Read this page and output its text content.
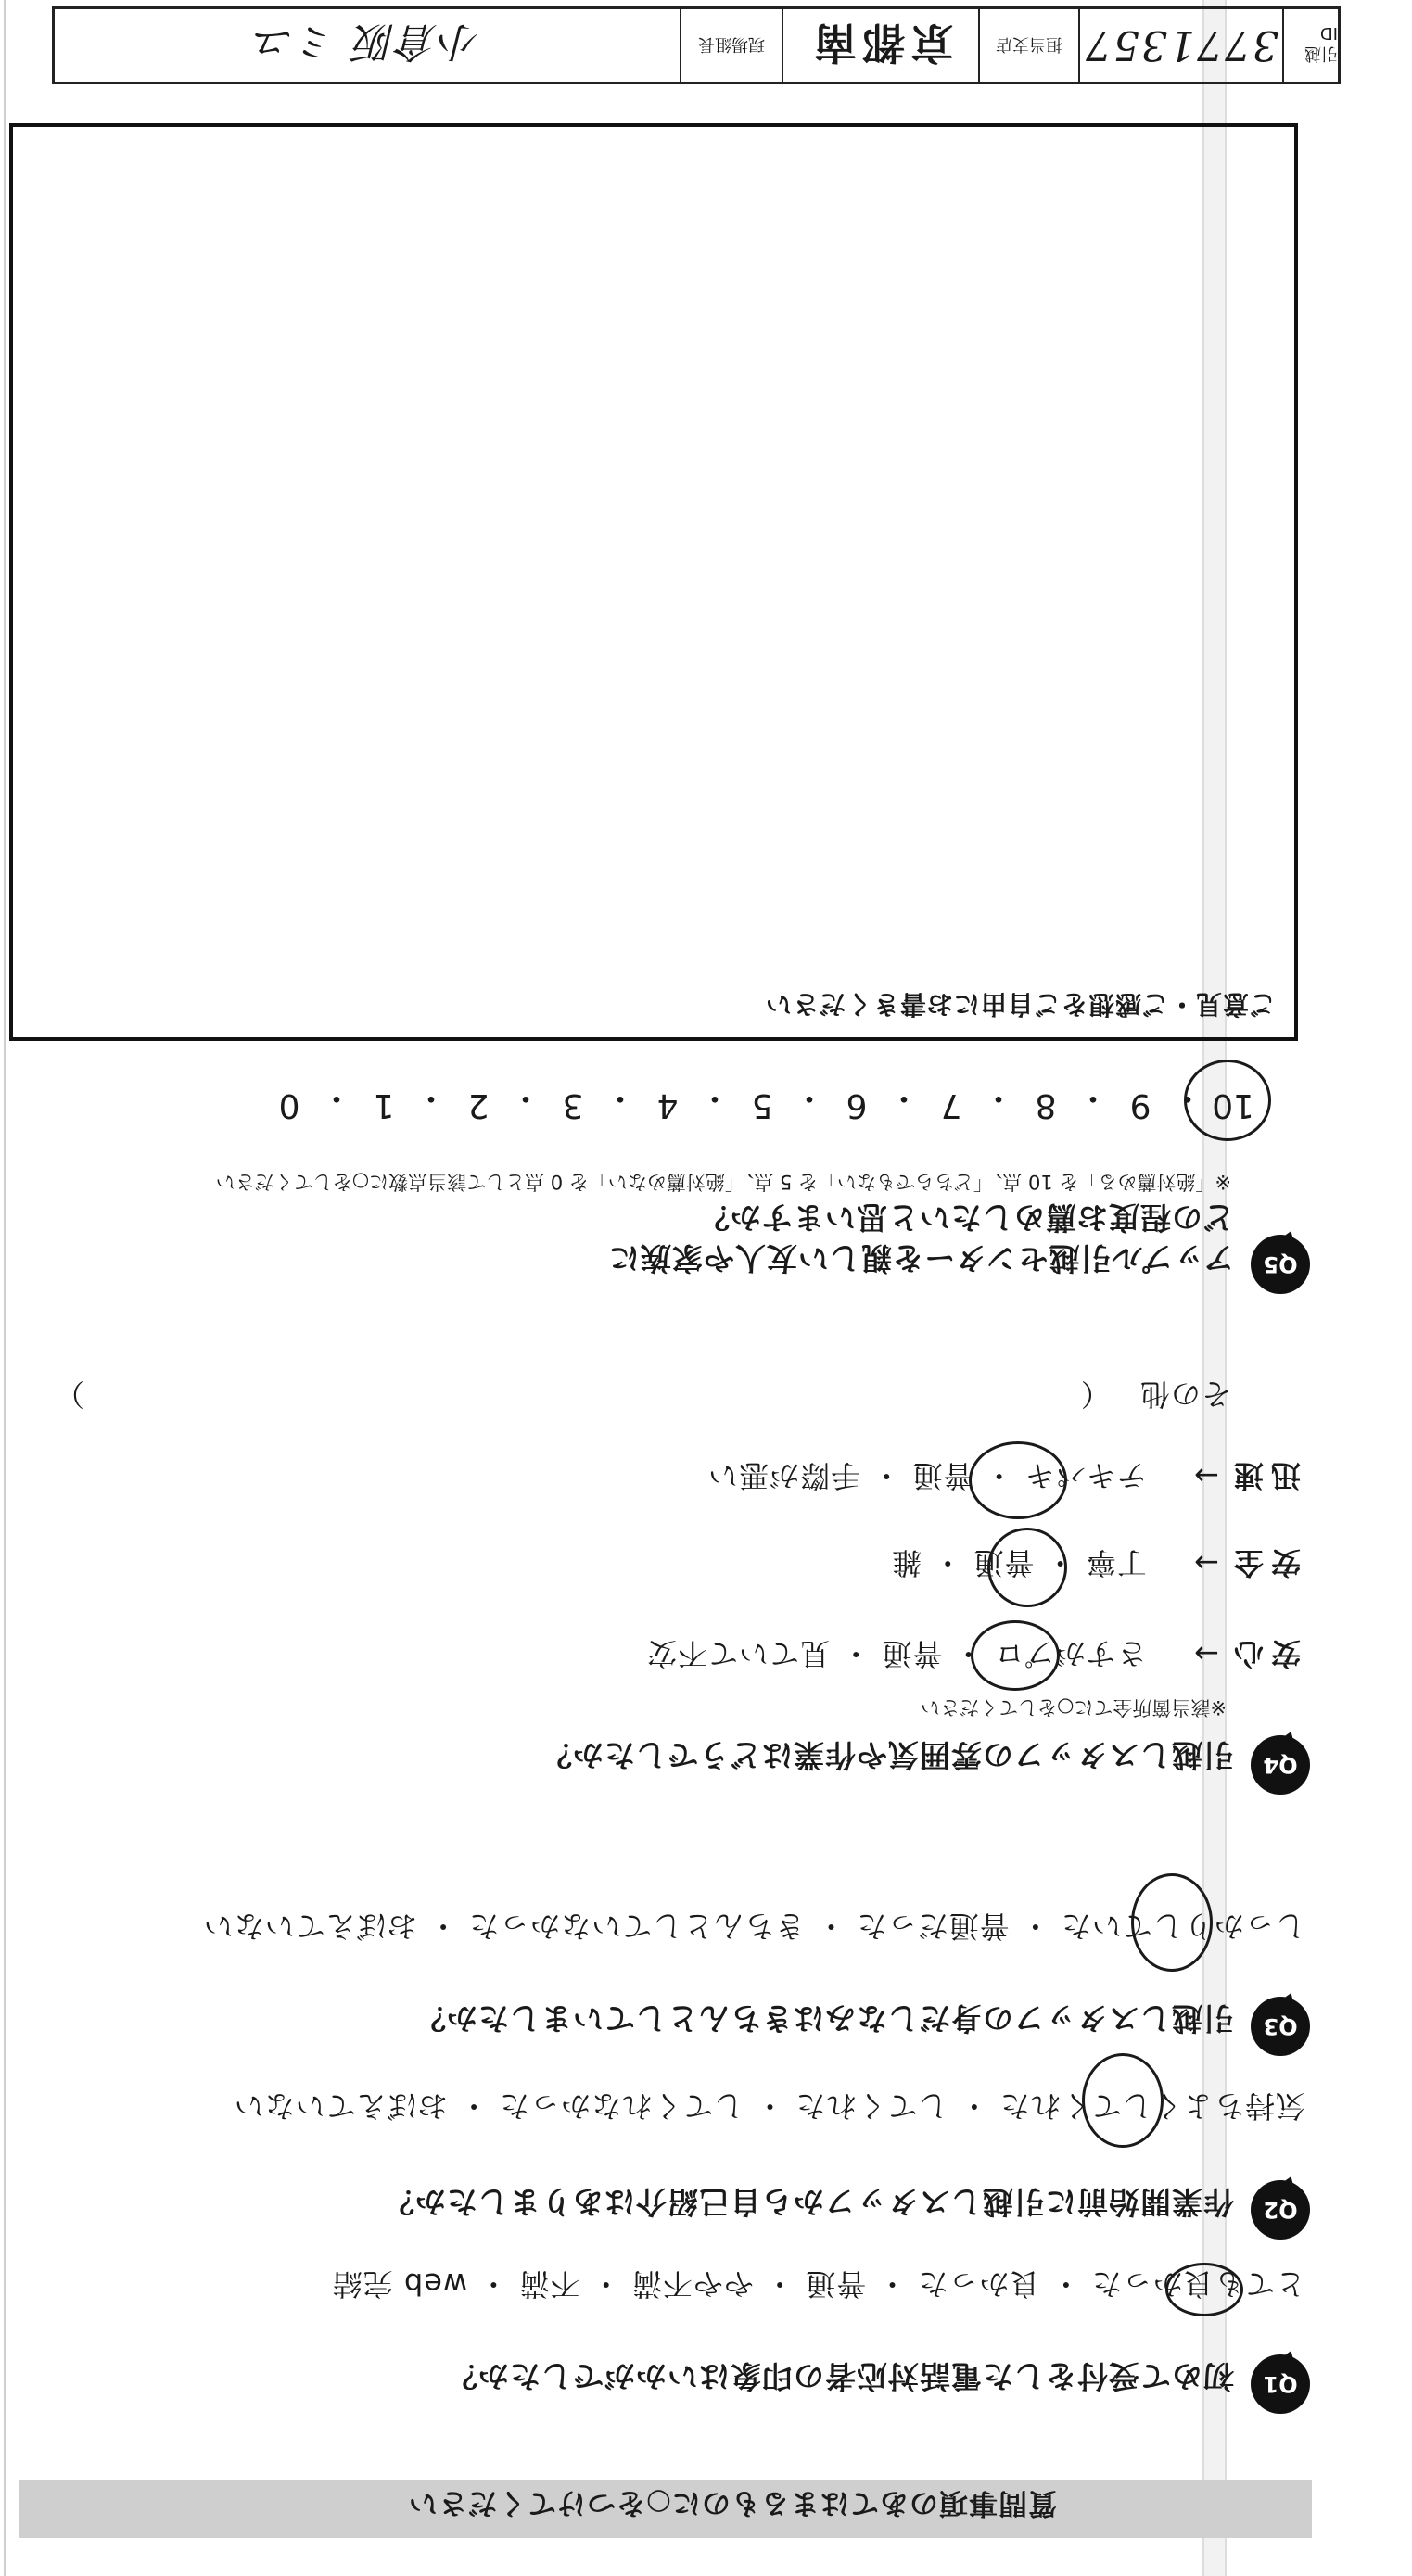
質問事項のあてはまるものに○をつけてください
Q1
初めて受付をした電話対応者の印象はいかがでしたか？
とても良かった ・ 良かった ・ 普通 ・ やや不満 ・ 不満 ・ web 完結
Q2
作業開始前に引越しスタッフから自己紹介はありましたか？
気持ちよくしてくれた ・ してくれた ・ してくれなかった ・ おぼえていない
Q3
引越しスタッフの身だしなみはきちんとしていましたか？
しっかりしていた ・ 普通だった ・ きちんとしていなかった ・ おぼえていない
Q4
引越しスタッフの雰囲気や作業はどうでしたか？
※該当箇所全てに○をしてください
安心
→  さすがプロ ・ 普通 ・ 見ていて不安
安全
→  丁寧 ・ 普通 ・ 雑
迅速
→  テキパキ ・ 普通 ・ 手際が悪い
その他 （
）
Q5
アップル引越センターを親しい友人や家族に
どの程度お薦めしたいと思いますか？
※「絶対薦める」を 10 点、「どちらでもない」を 5 点、「絶対薦めない」を 0 点として該当点数に○をしてください
10
・
9
・
8
・
7
・
6
・
5
・
4
・
3
・
2
・
1
・
0
ご意見・ご感想をご自由にお書きください
引越 ID
3771357
担当支店
京都南
現場組長
小倉阪 ミユ
